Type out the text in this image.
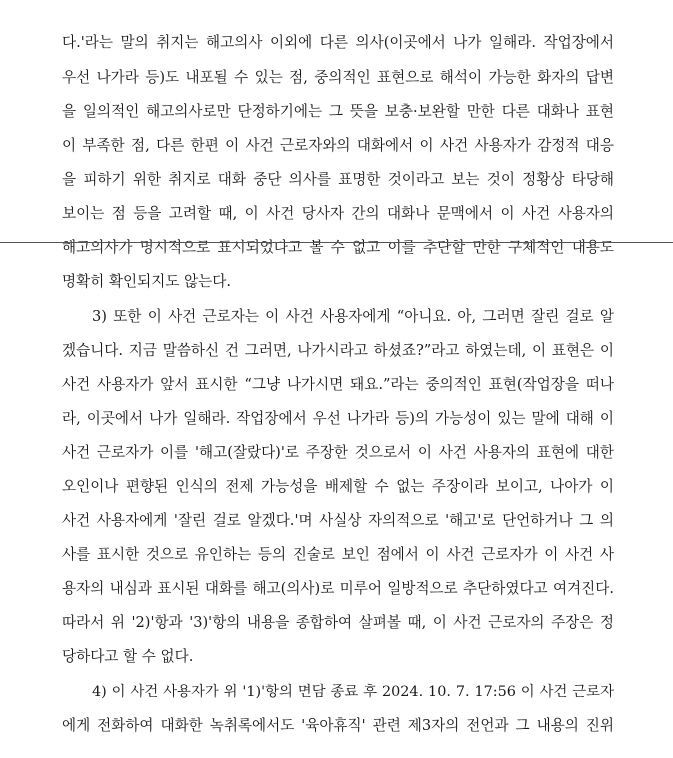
다.'라는 말의 취지는 해고의사 이외에 다른 의사(이곳에서 나가 일해라. 작업장에서
우선 나가라 등)도 내포될 수 있는 점, 중의적인 표현으로 해석이 가능한 화자의 답변
을 일의적인 해고의사로만 단정하기에는 그 뜻을 보충·보완할 만한 다른 대화나 표현
이 부족한 점, 다른 한편 이 사건 근로자와의 대화에서 이 사건 사용자가 감정적 대응
을 피하기 위한 취지로 대화 중단 의사를 표명한 것이라고 보는 것이 정황상 타당해
보이는 점 등을 고려할 때, 이 사건 당사자 간의 대화나 문맥에서 이 사건 사용자의
해고의사가 명시적으로 표시되었다고 볼 수 없고 이를 추단할 만한 구체적인 내용도
명확히 확인되지도 않는다.
3) 또한 이 사건 근로자는 이 사건 사용자에게 “아니요. 아, 그러면 잘린 걸로 알
겠습니다. 지금 말씀하신 건 그러면, 나가시라고 하셨죠?”라고 하였는데, 이 표현은 이
사건 사용자가 앞서 표시한 “그냥 나가시면 돼요.”라는 중의적인 표현(작업장을 떠나
라, 이곳에서 나가 일해라. 작업장에서 우선 나가라 등)의 가능성이 있는 말에 대해 이
사건 근로자가 이를 '해고(잘랐다)'로 주장한 것으로서 이 사건 사용자의 표현에 대한
오인이나 편향된 인식의 전제 가능성을 배제할 수 없는 주장이라 보이고, 나아가 이
사건 사용자에게 '잘린 걸로 알겠다.'며 사실상 자의적으로 '해고'로 단언하거나 그 의
사를 표시한 것으로 유인하는 등의 진술로 보인 점에서 이 사건 근로자가 이 사건 사
용자의 내심과 표시된 대화를 해고(의사)로 미루어 일방적으로 추단하였다고 여겨진다.
따라서 위 '2)'항과 '3)'항의 내용을 종합하여 살펴볼 때, 이 사건 근로자의 주장은 정
당하다고 할 수 없다.
4) 이 사건 사용자가 위 '1)'항의 면담 종료 후 2024. 10. 7. 17:56 이 사건 근로자
에게 전화하여 대화한 녹취록에서도 '육아휴직' 관련 제3자의 전언과 그 내용의 진위
